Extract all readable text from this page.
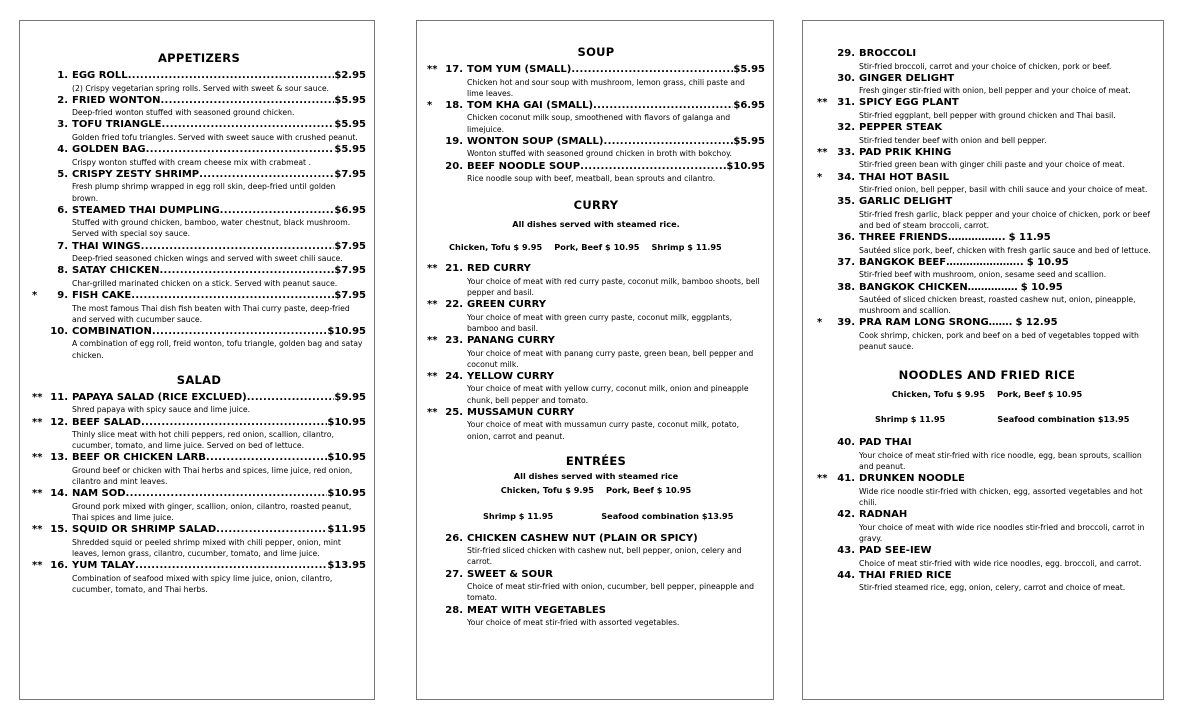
APPETIZERS
1. EGG ROLL . . .	$2.95
(2) Crispy vegetarian spring rolls. Served with sweet & sour sauce.
2. FRIED WONTON . . .	$5.95
Deep-fried wonton stuffed with seasoned ground chicken.
3. TOFU TRIANGLE . . .	$5.95
Golden fried tofu triangles. Served with sweet sauce with crushed peanut.
4. GOLDEN BAG . . .	$5.95
Crispy wonton stuffed with cream cheese mix with crabmeat .
5. CRISPY ZESTY SHRIMP . . .	$7.95
Fresh plump shrimp wrapped in egg roll skin, deep-fried until golden brown.
6. STEAMED THAI DUMPLING . . .	$6.95
Stuffed with ground chicken, bamboo, water chestnut, black mushroom. Served with special soy sauce.
7. THAI WINGS . . .	$7.95
Deep-fried seasoned chicken wings and served with sweet chili sauce.
8. SATAY CHICKEN . . .	$7.95
Char-grilled marinated chicken on a stick. Served with peanut sauce.
*	9. FISH CAKE . . .	$7.95
The most famous Thai dish fish beaten with Thai curry paste, deep-fried and served with cucumber sauce.
10. COMBINATION . . .	$10.95
A combination of egg roll, freid wonton, tofu triangle, golden bag and satay chicken.
SALAD
** 11. PAPAYA SALAD (RICE EXCLUED) . . .	$9.95
Shred papaya with spicy sauce and lime juice.
** 12. BEEF SALAD . . .	$10.95
Thinly slice meat with hot chili peppers, red onion, scallion, cilantro, cucumber, tomato, and lime juice. Served on bed of lettuce.
** 13. BEEF OR CHICKEN LARB . . .	$10.95
Ground beef or chicken with Thai herbs and spices, lime juice, red onion, cilantro and mint leaves.
** 14. NAM SOD . . .	$10.95
Ground pork mixed with ginger, scallion, onion, cilantro, roasted peanut, Thai spices and lime juice.
** 15. SQUID OR SHRIMP SALAD . . .	$11.95
Shredded squid or peeled shrimp mixed with chili pepper, onion, mint leaves, lemon grass, cilantro, cucumber, tomato, and lime juice.
** 16. YUM TALAY . . .	$13.95
Combination of seafood mixed with spicy lime juice, onion, cilantro, cucumber, tomato, and Thai herbs.
SOUP
** 17. TOM YUM (SMALL) . . .	$5.95
Chicken hot and sour soup with mushroom, lemon grass, chili paste and lime leaves.
*	18. TOM KHA GAI (SMALL) . . .	$6.95
Chicken coconut milk soup, smoothened with flavors of galanga and limejuice.
19. WONTON SOUP (SMALL) . . .	$5.95
Wonton stuffed with seasoned ground chicken in broth with bokchoy.
20. BEEF NOODLE SOUP . . .	$10.95
Rice noodle soup with beef, meatball, bean sprouts and cilantro.
CURRY
All dishes served with steamed rice.
Chicken, Tofu $ 9.95 Pork, Beef $ 10.95 Shrimp $ 11.95
** 21. RED CURRY
Your choice of meat with red curry paste, coconut milk, bamboo shoots, bell pepper and basil.
** 22. GREEN CURRY
Your choice of meat with green curry paste, coconut milk, eggplants, bamboo and basil.
** 23. PANANG CURRY
Your choice of meat with panang curry paste, green bean, bell pepper and coconut milk.
** 24. YELLOW CURRY
Your choice of meat with yellow curry, coconut milk, onion and pineapple chunk, bell pepper and tomato.
** 25. MUSSAMUN CURRY
Your choice of meat with mussamun curry paste, coconut milk, potato, onion, carrot and peanut.
ENTRÉES
All dishes served with steamed rice
Chicken, Tofu $ 9.95 Pork, Beef $ 10.95
Shrimp $ 11.95	Seafood combination $13.95
26. CHICKEN CASHEW NUT (PLAIN OR SPICY)
Stir-fried sliced chicken with cashew nut, bell pepper, onion, celery and carrot.
27. SWEET & SOUR
Choice of meat stir-fried with onion, cucumber, bell pepper, pineapple and tomato.
28. MEAT WITH VEGETABLES
Your choice of meat stir-fried with assorted vegetables.
29. BROCCOLI
Stir-fried broccoli, carrot and your choice of chicken, pork or beef.
30. GINGER DELIGHT
Fresh ginger stir-fried with onion, bell pepper and your choice of meat.
** 31. SPICY EGG PLANT
Stir-fried eggplant, bell pepper with ground chicken and Thai basil.
32. PEPPER STEAK
Stir-fried tender beef with onion and bell pepper.
** 33. PAD PRIK KHING
Stir-fried green bean with ginger chili paste and your choice of meat.
*	34. THAI HOT BASIL
Stir-fried onion, bell pepper, basil with chili sauce and your choice of meat.
35. GARLIC DELIGHT
Stir-fried fresh garlic, black pepper and your choice of chicken, pork or beef and bed of steam broccoli, carrot.
36. THREE FRIENDS…………….. $ 11.95
Sautéed slice pork, beef, chicken with fresh garlic sauce and bed of lettuce.
37. BANGKOK BEEF………………….. $ 10.95
Stir-fried beef with mushroom, onion, sesame seed and scallion.
38. BANGKOK CHICKEN…………… $ 10.95
Sautéed of sliced chicken breast, roasted cashew nut, onion, pineapple, mushroom and scallion.
*	39. PRA RAM LONG SRONG……. $ 12.95
Cook shrimp, chicken, pork and beef on a bed of vegetables topped with peanut sauce.
NOODLES AND FRIED RICE
Chicken, Tofu $ 9.95 Pork, Beef $ 10.95
Shrimp $ 11.95	Seafood combination $13.95
40. PAD THAI
Your choice of meat stir-fried with rice noodle, egg, bean sprouts, scallion and peanut.
** 41. DRUNKEN NOODLE
Wide rice noodle stir-fried with chicken, egg, assorted vegetables and hot chili.
42. RADNAH
Your choice of meat with wide rice noodles stir-fried and broccoli, carrot in gravy.
43. PAD SEE-IEW
Choice of meat stir-fried with wide rice noodles, egg. broccoli, and carrot.
44. THAI FRIED RICE
Stir-fried steamed rice, egg, onion, celery, carrot and choice of meat.
